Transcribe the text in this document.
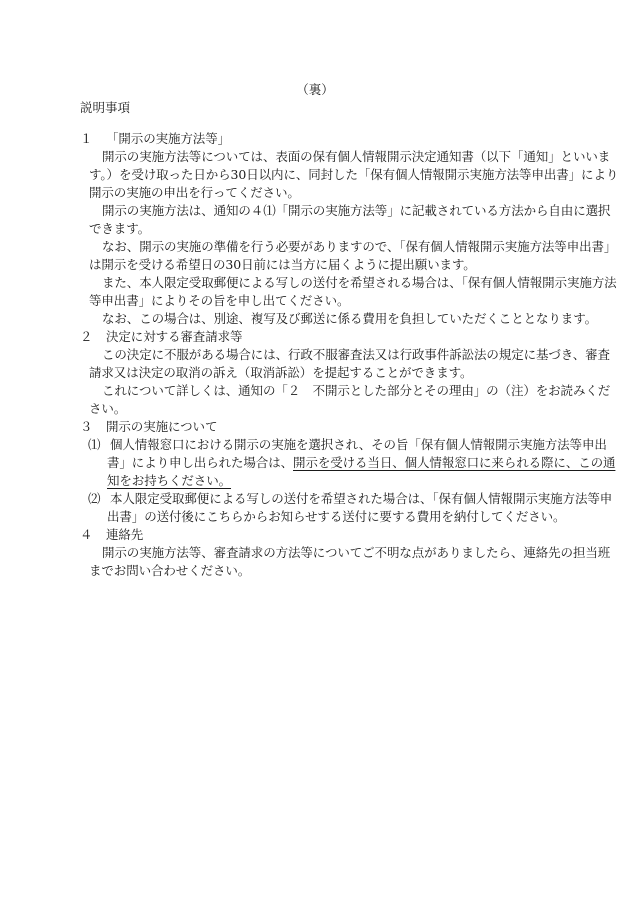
（裏）
説明事項
１ 「開示の実施方法等」
開示の実施方法等については、表面の保有個人情報開示決定通知書（以下「通知」といいま
す。）を受け取った日から30日以内に、同封した「保有個人情報開示実施方法等申出書」により
開示の実施の申出を行ってください。
開示の実施方法は、通知の４⑴「開示の実施方法等」に記載されている方法から自由に選択
できます。
なお、開示の実施の準備を行う必要がありますので、「保有個人情報開示実施方法等申出書」
は開示を受ける希望日の30日前には当方に届くように提出願います。
また、本人限定受取郵便による写しの送付を希望される場合は、「保有個人情報開示実施方法
等申出書」によりその旨を申し出てください。
なお、この場合は、別途、複写及び郵送に係る費用を負担していただくこととなります。
２ 決定に対する審査請求等
この決定に不服がある場合には、行政不服審査法又は行政事件訴訟法の規定に基づき、審査
請求又は決定の取消の訴え（取消訴訟）を提起することができます。
これについて詳しくは、通知の「２　不開示とした部分とその理由」の（注）をお読みくだ
さい。
３ 開示の実施について
⑴ 個人情報窓口における開示の実施を選択され、その旨「保有個人情報開示実施方法等申出
書」により申し出られた場合は、開示を受ける当日、個人情報窓口に来られる際に、この通
知をお持ちください。
⑵ 本人限定受取郵便による写しの送付を希望された場合は、「保有個人情報開示実施方法等申
出書」の送付後にこちらからお知らせする送付に要する費用を納付してください。
４ 連絡先
開示の実施方法等、審査請求の方法等についてご不明な点がありましたら、連絡先の担当班
までお問い合わせください。
